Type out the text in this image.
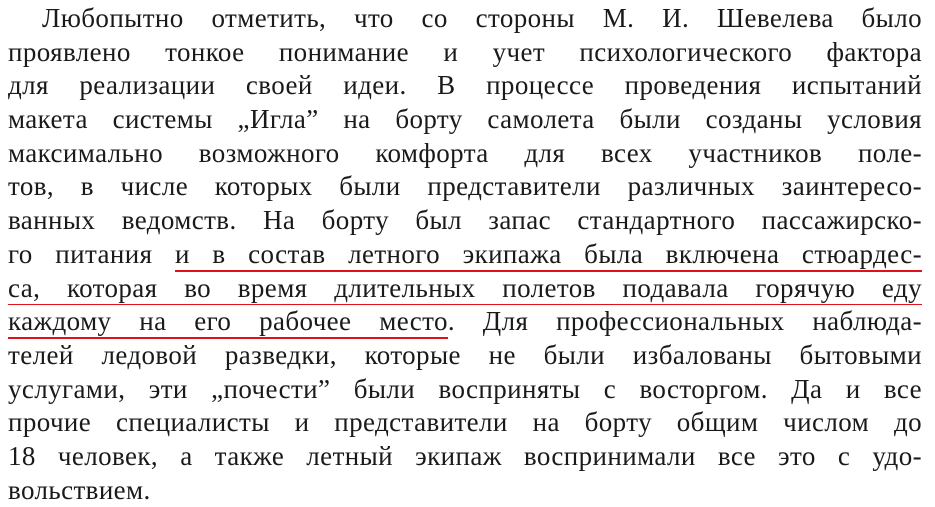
Любопытно отметить, что со стороны М. И. Шевелева было
проявлено тонкое понимание и учет психологического фактора
для реализации своей идеи. В процессе проведения испытаний
макета системы „Игла” на борту самолета были созданы условия
максимально возможного комфорта для всех участников поле-
тов, в числе которых были представители различных заинтересо-
ванных ведомств. На борту был запас стандартного пассажирско-
го питания и в состав летного экипажа была включена стюардес-
са, которая во время длительных полетов подавала горячую еду
каждому на его рабочее место. Для профессиональных наблюда-
телей ледовой разведки, которые не были избалованы бытовыми
услугами, эти „почести” были восприняты с восторгом. Да и все
прочие специалисты и представители на борту общим числом до
18 человек, а также летный экипаж воспринимали все это с удо-
вольствием.
